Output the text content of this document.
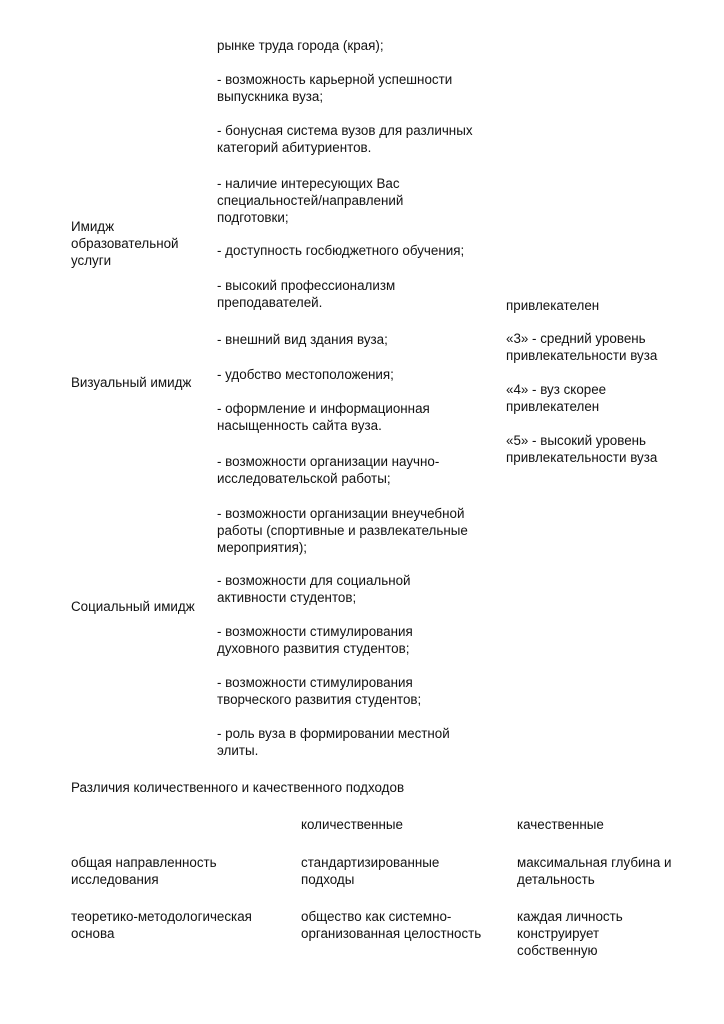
рынке труда города (края);
- возможность карьерной успешности
выпускника вуза;
- бонусная система вузов для различных
категорий абитуриентов.
- наличие интересующих Вас
специальностей/направлений
подготовки;
- доступность госбюджетного обучения;
- высокий профессионализм
преподавателей.
- внешний вид здания вуза;
- удобство местоположения;
- оформление и информационная
насыщенность сайта вуза.
- возможности организации научно-
исследовательской работы;
- возможности организации внеучебной
работы (спортивные и развлекательные
мероприятия);
- возможности для социальной
активности студентов;
- возможности стимулирования
духовного развития студентов;
- возможности стимулирования
творческого развития студентов;
- роль вуза в формировании местной
элиты.
Имидж
образовательной
услуги
Визуальный имидж
Социальный имидж
привлекателен
«3» - средний уровень
привлекательности вуза
«4» - вуз скорее
привлекателен
«5» - высокий уровень
привлекательности вуза
Различия количественного и качественного подходов
количественные	качественные
общая направленность
исследования
стандартизированные
подходы
максимальная глубина и
детальность
теоретико-методологическая
основа
общество как системно-
организованная целостность
каждая личность
конструирует
собственную
